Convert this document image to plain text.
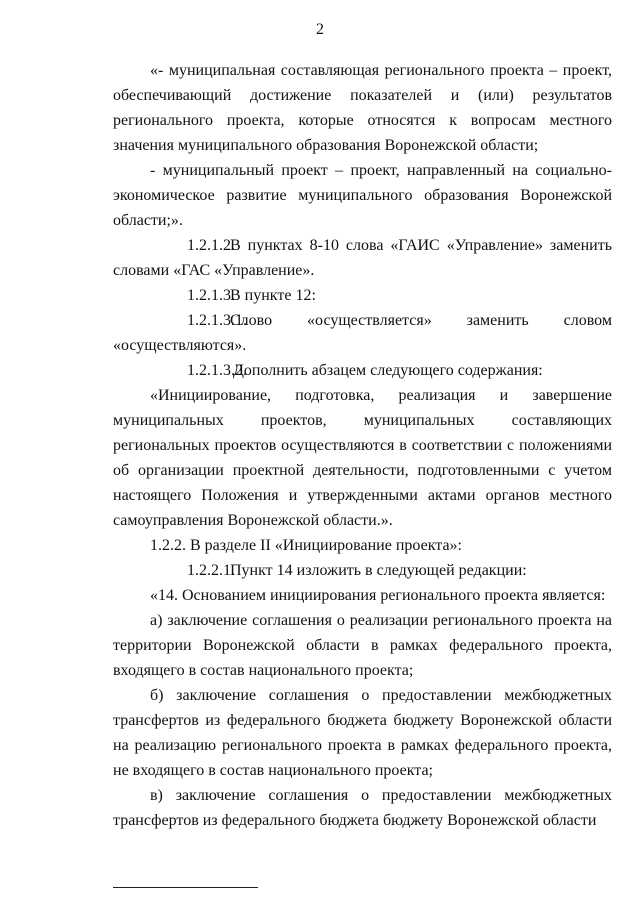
2

«- муниципальная составляющая регионального проекта – проект, обеспечивающий достижение показателей и (или) результатов регионального проекта, которые относятся к вопросам местного значения муниципального образования Воронежской области;

- муниципальный проект – проект, направленный на социально-экономическое развитие муниципального образования Воронежской области;».

1.2.1.2.В пунктах 8-10 слова «ГАИС «Управление» заменить словами «ГАС «Управление».

1.2.1.3.В пункте 12:

1.2.1.3.1.Слово «осуществляется» заменить словом «осуществляются».

1.2.1.3.2.Дополнить абзацем следующего содержания:

«Инициирование, подготовка, реализация и завершение муниципальных проектов, муниципальных составляющих региональных проектов осуществляются в соответствии с положениями об организации проектной деятельности, подготовленными с учетом настоящего Положения и утвержденными актами органов местного самоуправления Воронежской области.».

1.2.2. В разделе II «Инициирование проекта»:

1.2.2.1.Пункт 14 изложить в следующей редакции:

«14. Основанием инициирования регионального проекта является:

а) заключение соглашения о реализации регионального проекта на территории Воронежской области в рамках федерального проекта, входящего в состав национального проекта;

б) заключение соглашения о предоставлении межбюджетных трансфертов из федерального бюджета бюджету Воронежской области на реализацию регионального проекта в рамках федерального проекта, не входящего в состав национального проекта;

в) заключение соглашения о предоставлении межбюджетных трансфертов из федерального бюджета бюджету Воронежской области
